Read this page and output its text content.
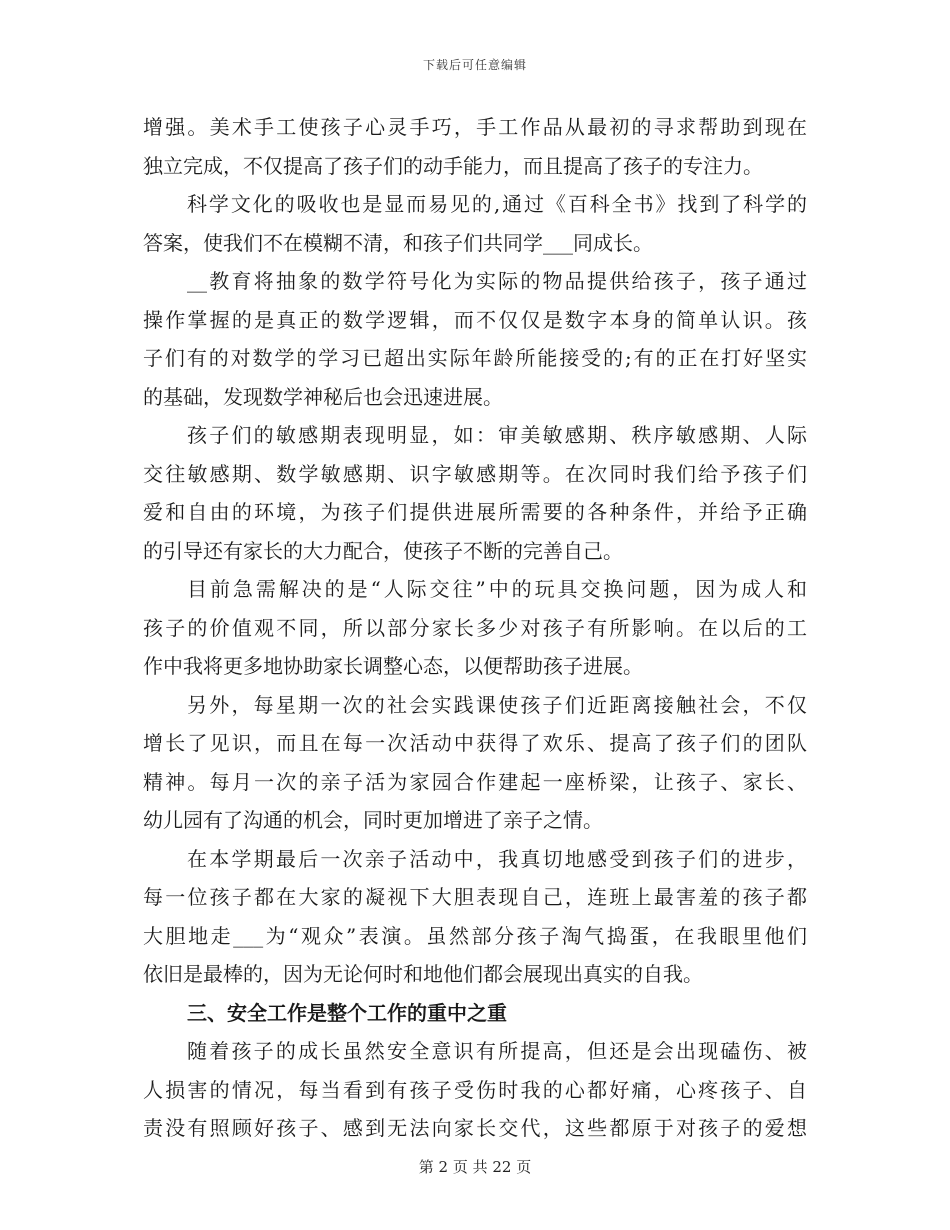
下载后可任意编辑
增强。美术手工使孩子心灵手巧，手工作品从最初的寻求帮助到现在
独立完成，不仅提高了孩子们的动手能力，而且提高了孩子的专注力。
科学文化的吸收也是显而易见的,通过《百科全书》找到了科学的
答案，使我们不在模糊不清，和孩子们共同学___同成长。
__教育将抽象的数学符号化为实际的物品提供给孩子，孩子通过
操作掌握的是真正的数学逻辑，而不仅仅是数字本身的简单认识。孩
子们有的对数学的学习已超出实际年龄所能接受的;有的正在打好坚实
的基础，发现数学神秘后也会迅速进展。
孩子们的敏感期表现明显，如：审美敏感期、秩序敏感期、人际
交往敏感期、数学敏感期、识字敏感期等。在次同时我们给予孩子们
爱和自由的环境，为孩子们提供进展所需要的各种条件，并给予正确
的引导还有家长的大力配合，使孩子不断的完善自己。
目前急需解决的是“人际交往”中的玩具交换问题，因为成人和
孩子的价值观不同，所以部分家长多少对孩子有所影响。在以后的工
作中我将更多地协助家长调整心态，以便帮助孩子进展。
另外，每星期一次的社会实践课使孩子们近距离接触社会，不仅
增长了见识，而且在每一次活动中获得了欢乐、提高了孩子们的团队
精神。每月一次的亲子活为家园合作建起一座桥梁，让孩子、家长、
幼儿园有了沟通的机会，同时更加增进了亲子之情。
在本学期最后一次亲子活动中，我真切地感受到孩子们的进步，
每一位孩子都在大家的凝视下大胆表现自己，连班上最害羞的孩子都
大胆地走___为“观众”表演。虽然部分孩子淘气捣蛋，在我眼里他们
依旧是最棒的，因为无论何时和地他们都会展现出真实的自我。
三、安全工作是整个工作的重中之重
随着孩子的成长虽然安全意识有所提高，但还是会出现磕伤、被
人损害的情况，每当看到有孩子受伤时我的心都好痛，心疼孩子、自
责没有照顾好孩子、感到无法向家长交代，这些都原于对孩子的爱想
第 2 页 共 22 页
